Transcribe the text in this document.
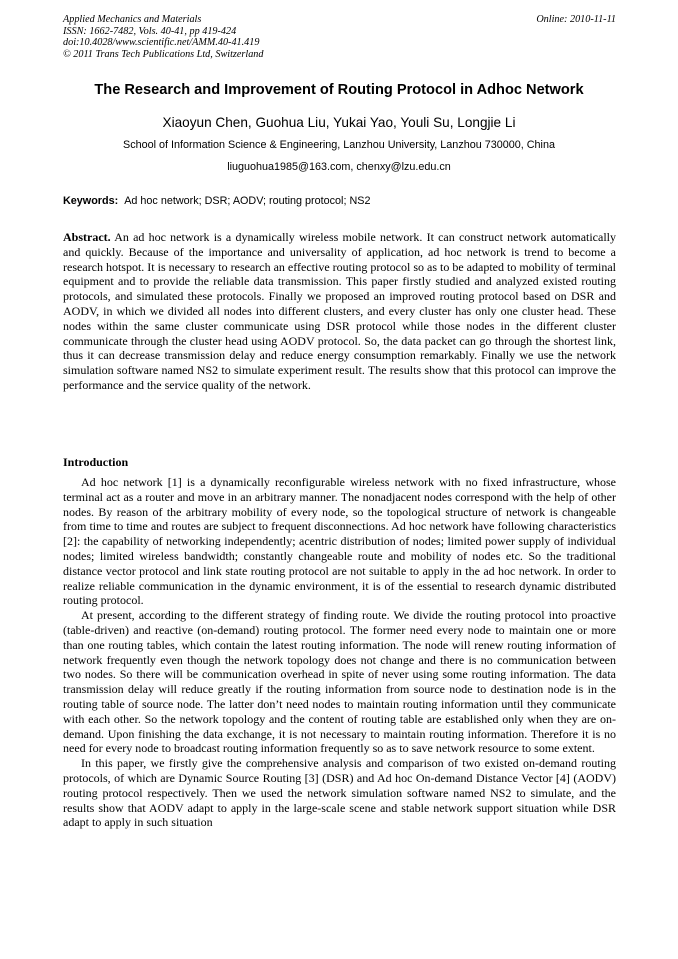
Applied Mechanics and Materials
ISSN: 1662-7482, Vols. 40-41, pp 419-424
doi:10.4028/www.scientific.net/AMM.40-41.419
© 2011 Trans Tech Publications Ltd, Switzerland
Online: 2010-11-11
The Research and Improvement of Routing Protocol in Adhoc Network
Xiaoyun Chen, Guohua Liu, Yukai Yao, Youli Su, Longjie Li
School of Information Science & Engineering, Lanzhou University, Lanzhou 730000, China
liuguohua1985@163.com, chenxy@lzu.edu.cn
Keywords: Ad hoc network; DSR; AODV; routing protocol; NS2

Abstract. An ad hoc network is a dynamically wireless mobile network. It can construct network automatically and quickly. Because of the importance and universality of application, ad hoc network is trend to become a research hotspot. It is necessary to research an effective routing protocol so as to be adapted to mobility of terminal equipment and to provide the reliable data transmission. This paper firstly studied and analyzed existed routing protocols, and simulated these protocols. Finally we proposed an improved routing protocol based on DSR and AODV, in which we divided all nodes into different clusters, and every cluster has only one cluster head. These nodes within the same cluster communicate using DSR protocol while those nodes in the different cluster communicate through the cluster head using AODV protocol. So, the data packet can go through the shortest link, thus it can decrease transmission delay and reduce energy consumption remarkably. Finally we use the network simulation software named NS2 to simulate experiment result. The results show that this protocol can improve the performance and the service quality of the network.

Introduction

Ad hoc network [1] is a dynamically reconfigurable wireless network with no fixed infrastructure, whose terminal act as a router and move in an arbitrary manner. The nonadjacent nodes correspond with the help of other nodes. By reason of the arbitrary mobility of every node, so the topological structure of network is changeable from time to time and routes are subject to frequent disconnections. Ad hoc network have following characteristics [2]: the capability of networking independently; acentric distribution of nodes; limited power supply of individual nodes; limited wireless bandwidth; constantly changeable route and mobility of nodes etc. So the traditional distance vector protocol and link state routing protocol are not suitable to apply in the ad hoc network. In order to realize reliable communication in the dynamic environment, it is of the essential to research dynamic distributed routing protocol.

At present, according to the different strategy of finding route. We divide the routing protocol into proactive (table-driven) and reactive (on-demand) routing protocol. The former need every node to maintain one or more than one routing tables, which contain the latest routing information. The node will renew routing information of network frequently even though the network topology does not change and there is no communication between two nodes. So there will be communication overhead in spite of never using some routing information. The data transmission delay will reduce greatly if the routing information from source node to destination node is in the routing table of source node. The latter don’t need nodes to maintain routing information until they communicate with each other. So the network topology and the content of routing table are established only when they are on-demand. Upon finishing the data exchange, it is not necessary to maintain routing information. Therefore it is no need for every node to broadcast routing information frequently so as to save network resource to some extent.

In this paper, we firstly give the comprehensive analysis and comparison of two existed on-demand routing protocols, of which are Dynamic Source Routing [3] (DSR) and Ad hoc On-demand Distance Vector [4] (AODV) routing protocol respectively. Then we used the network simulation software named NS2 to simulate, and the results show that AODV adapt to apply in the large-scale scene and stable network support situation while DSR adapt to apply in such situation
